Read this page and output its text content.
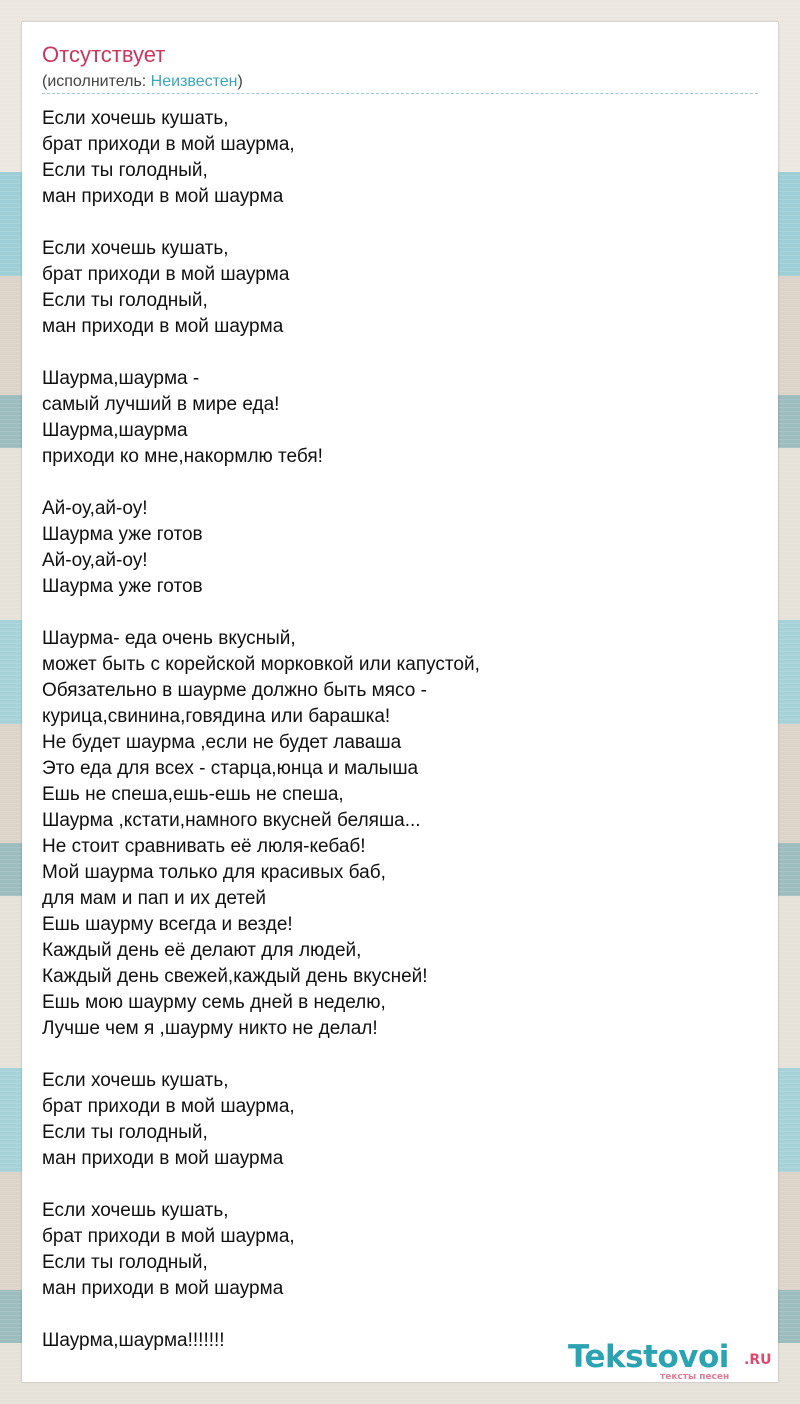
Отсутствует
(исполнитель: Неизвестен)
Если хочешь кушать,
брат приходи в мой шаурма,
Если ты голодный,
ман приходи в мой шаурма
Если хочешь кушать,
брат приходи в мой шаурма
Если ты голодный,
ман приходи в мой шаурма
Шаурма,шаурма -
самый лучший в мире еда!
Шаурма,шаурма
приходи ко мне,накормлю тебя!
Ай-оу,ай-оу!
Шаурма уже готов
Ай-оу,ай-оу!
Шаурма уже готов
Шаурма- еда очень вкусный,
может быть с корейской морковкой или капустой,
Обязательно в шаурме должно быть мясо -
курица,свинина,говядина или барашка!
Не будет шаурма ,если не будет лаваша
Это еда для всех - старца,юнца и малыша
Ешь не спеша,ешь-ешь не спеша,
Шаурма ,кстати,намного вкусней беляша...
Не стоит сравнивать её люля-кебаб!
Мой шаурма только для красивых баб,
для мам и пап и их детей
Ешь шаурму всегда и везде!
Каждый день её делают для людей,
Каждый день свежей,каждый день вкусней!
Ешь мою шаурму семь дней в неделю,
Лучше чем я ,шаурму никто не делал!
Если хочешь кушать,
брат приходи в мой шаурма,
Если ты голодный,
ман приходи в мой шаурма
Если хочешь кушать,
брат приходи в мой шаурма,
Если ты голодный,
ман приходи в мой шаурма
Шаурма,шаурма!!!!!!!	Tekstovoi .RU
тексты песен
